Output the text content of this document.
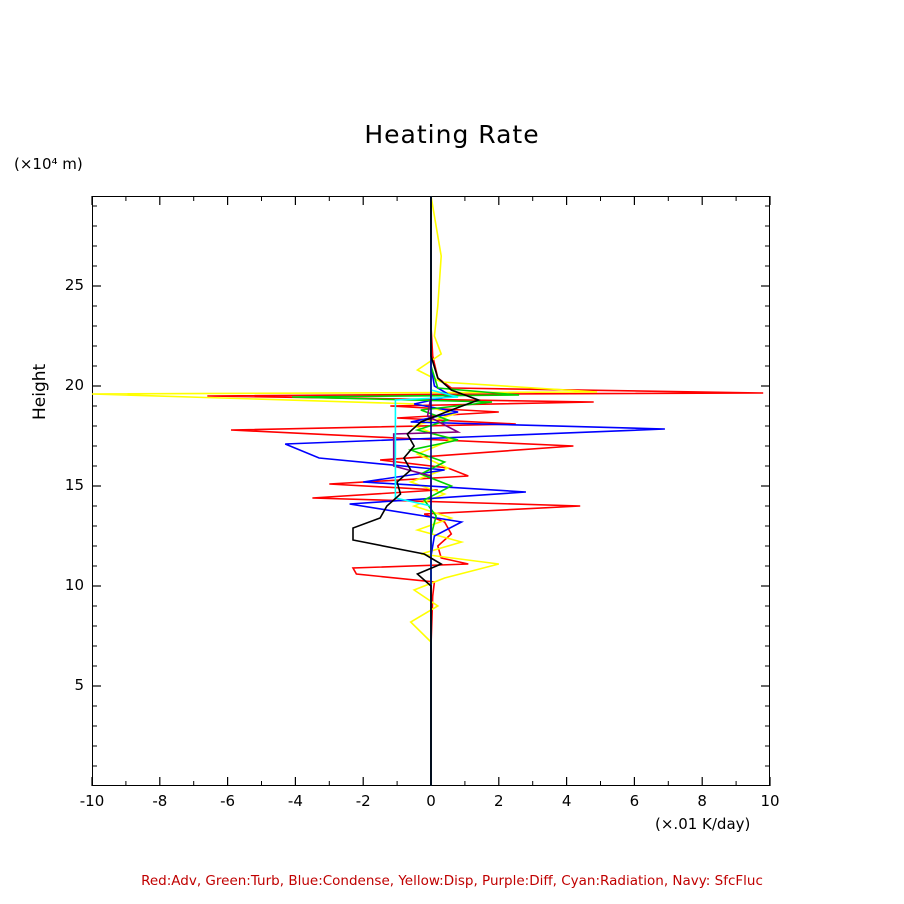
Heating Rate
(×10⁴ m)
Height
(×.01 K/day)
-10	-8	-6	-4	-2	0	2	4	6	8	10
5
10
15
20
25
Red:Adv, Green:Turb, Blue:Condense, Yellow:Disp, Purple:Diff, Cyan:Radiation, Navy: SfcFluc
